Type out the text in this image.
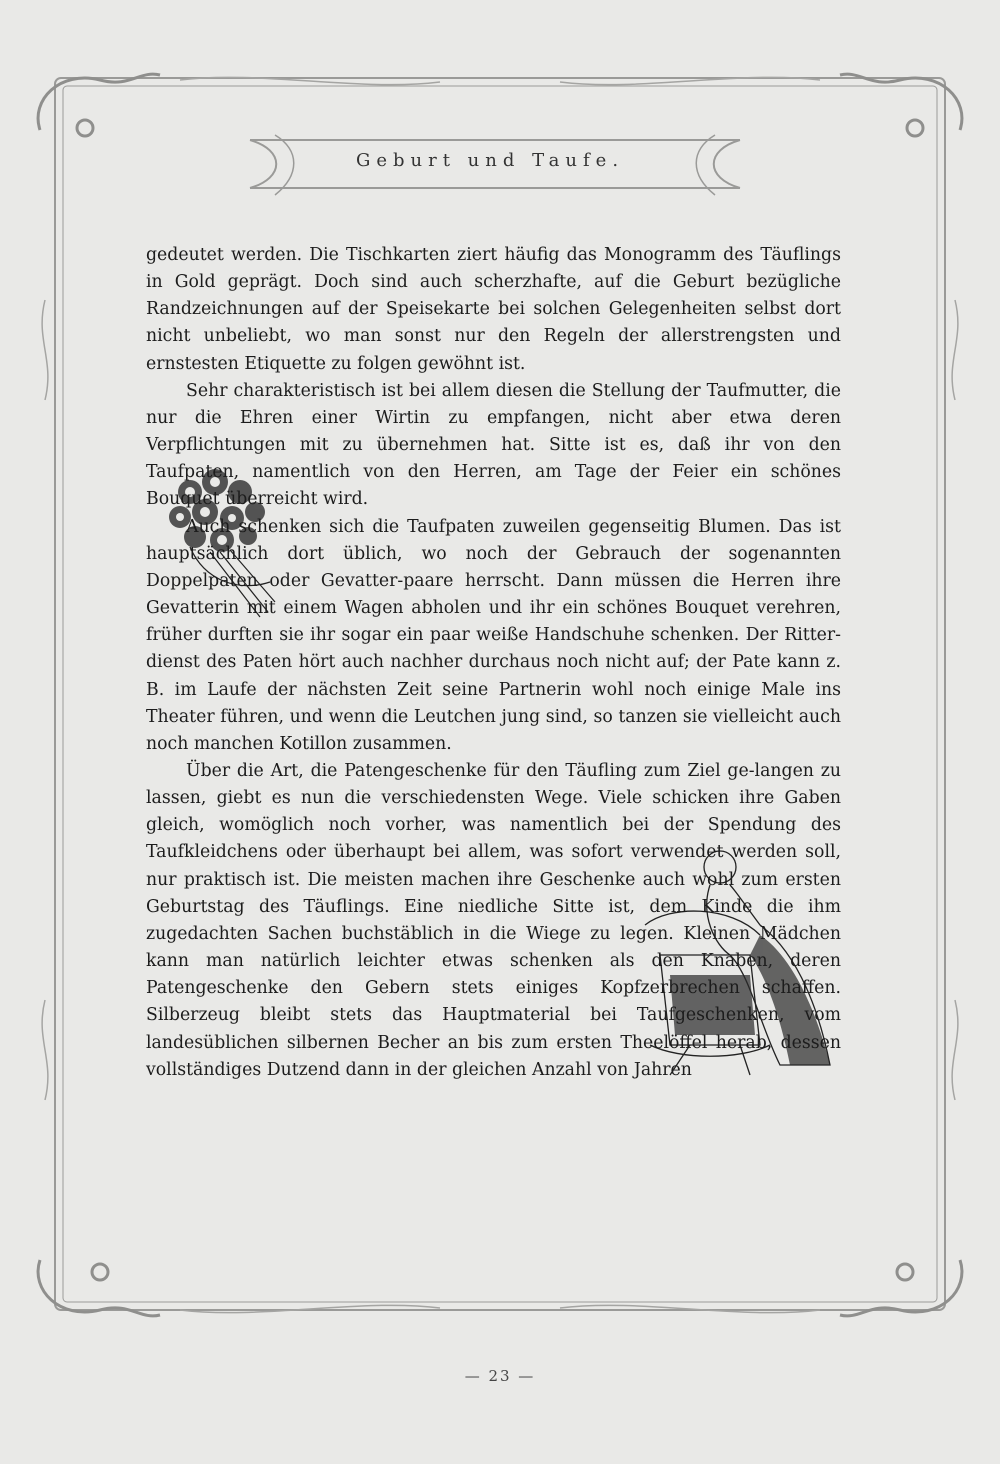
Geburt und Taufe.

gedeutet werden. Die Tischkarten ziert häufig das Monogramm des Täuflings in Gold geprägt. Doch sind auch scherzhafte, auf die Geburt bezügliche Randzeichnungen auf der Speisekarte bei solchen Gelegenheiten selbst dort nicht unbeliebt, wo man sonst nur den Regeln der allerstrengsten und ernstesten Etiquette zu folgen gewöhnt ist.

Sehr charakteristisch ist bei allem diesen die Stellung der Taufmutter, die nur die Ehren einer Wirtin zu empfangen, nicht aber etwa deren Verpflichtungen mit zu übernehmen hat. Sitte ist es, daß ihr von den Taufpaten, namentlich von den Herren, am Tage der Feier ein schönes Bouquet überreicht wird.

Auch schenken sich die Taufpaten zuweilen gegenseitig Blumen. Das ist hauptsächlich dort üblich, wo noch der Gebrauch der sogenannten Doppelpaten oder Gevatter-paare herrscht. Dann müssen die Herren ihre Gevatterin mit einem Wagen abholen und ihr ein schönes Bouquet verehren, früher durften sie ihr sogar ein paar weiße Handschuhe schenken. Der Ritter-dienst des Paten hört auch nachher durchaus noch nicht auf; der Pate kann z. B. im Laufe der nächsten Zeit seine Partnerin wohl noch einige Male ins Theater führen, und wenn die Leutchen jung sind, so tanzen sie vielleicht auch noch manchen Kotillon zusammen.

Über die Art, die Patengeschenke für den Täufling zum Ziel ge-langen zu lassen, giebt es nun die verschiedensten Wege. Viele schicken ihre Gaben gleich, womöglich noch vorher, was namentlich bei der Spendung des Taufkleidchens oder überhaupt bei allem, was sofort verwendet werden soll, nur praktisch ist. Die meisten machen ihre Geschenke auch wohl zum ersten Geburtstag des Täuflings. Eine niedliche Sitte ist, dem Kinde die ihm zugedachten Sachen buchstäblich in die Wiege zu legen. Kleinen Mädchen kann man natürlich leichter etwas schenken als den Knaben, deren Patengeschenke den Gebern stets einiges Kopfzerbrechen schaffen. Silberzeug bleibt stets das Hauptmaterial bei Taufgeschenken, vom landesüblichen silbernen Becher an bis zum ersten Theelöffel herab, dessen vollständiges Dutzend dann in der gleichen Anzahl von Jahren

— 23 —
